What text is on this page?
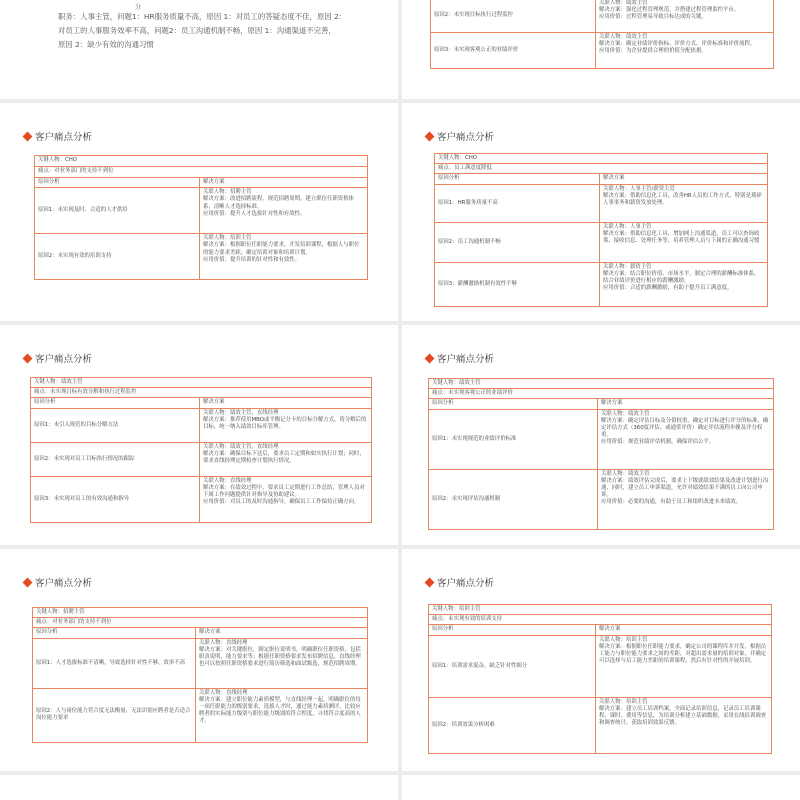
分

职务：人事主管，问题1：HR服务质量不高，原因 1：对员工的答疑态度不佳，原因 2:

对员工的人事服务效率不高，问题2：员工沟通机制不畅，原因 1：沟通渠道不完善，

原因 2：缺少有效的沟通习惯

原因2：未实现目标执行过程监控	关联人物：绩效主管
解决方案：强化过程管理规范，并搭建过程管理监控平台。
应用价值：过程管理易导致目标达成的关键。

原因3：未实现客观公正的业绩评价	关联人物：绩效主管
解决方案：确定业绩评价指标、评价方式、评价标准和评价流程。
应用价值：为企业提供合理的价值分配依据。
客户痛点分析
关键人物：CHO	
痛点：对业务部门的支持不到位	
原因分析	解决方案
原因1：未实现及时、合适的人才供给	关联人物：招聘主管
解决方案：改进招聘流程，规范招聘周期，建立职位任职资格体系，清晰人才选择标准。
应用价值：提升人才选拔针对性和有效性。

原因2：未实现有效的培训支持	关联人物：培训主管
解决方案：根据职位任职能力要求，开发培训课程，根据人与职位的能力要求差距，确定培训对象和培训计划。
应用价值：提升培训的针对性和有效性。
客户痛点分析
关键人物：CHO	
痛点：员工满意度降低	
原因分析	解决方案
原因1：HR服务质量不高	关联人物：人事主管/薪资主管
解决方案：借助信息化工具，改善HR人员的工作方式，特别是琐碎人事事务和薪资发放处理。

原因2：员工沟通机制不畅	关联人物：人事主管
解决方案：借助信息化工具，增加网上沟通渠道，员工可以查询政策、接收信息、处理任务等，培养管理人员与下属的正确沟通习惯

原因3：薪酬激励机制有效性不够	关联人物：薪资主管
解决方案：结合职位价值、市场水平，制定合理的薪酬标准体系，结合业绩评价进行相应的薪酬激励。
应用价值：合适的薪酬激励，有助于提升员工满意度。
客户痛点分析
关键人物：绩效主管	
痛点：未实现目标有效分解和执行过程监控	
原因分析	解决方案
原因1：未引入规范的目标分解方法	关联人物：绩效主管，直线经理
解决方案：推荐使用MBO或平衡记分卡的目标分解方式，将分解后的目标，统一纳入绩效目标库管理。

原因2：未实现对员工目标执行情况的跟踪	关联人物：绩效主管，直线经理
解决方案：确保目标下达后，要求员工定期和如实执行计划；同时，要求直线经理定期检查计划执行情况。

原因3：未实现对员工的有效沟通和指导	关联人物：直线经理
解决方案：在绩效过程中，要求员工定期进行工作总结，管理人员对下属工作问题提供针对指导及协助建议。
应用价值：对员工的及时沟通指导，确保员工工作保持正确方向。
客户痛点分析
关键人物：绩效主管	
痛点：未实现客观公正的业绩评价	
原因分析	解决方案
原因1：未实现规范的业绩评价标准	关联人物：绩效主管
解决方案：确定评估目标及分值权重，确定对目标进行评分的标准，确定评估方式（360度评估、或通常评价）确定评估流程步骤及评分权重。
应用价值：规范业绩评估机制，确保评估公平。

原因2：未实现评估沟通机制	关联人物：绩效主管
解决方案：绩效评估完成后，要求上下级就绩效结果及改进计划进行沟通，同时，建立员工申诉渠道，允许对绩效结果不满的员工向公司申诉。
应用价值：必要的沟通，有助于员工和组织改进未来绩效。
客户痛点分析
关键人物：招聘主管	
痛点：对业务部门的支持不到位	
原因分析	解决方案
原因1：人才选拔标准不清晰，导致选择针对性不够，效率不高	关联人物：直线经理
解决方案：对关键职位，制定职位说明书，明确职位任职资格，包括职责说明，能力要求等；根据任职资格要求发布招聘信息，直线经理也可以按照任职资格要求进行简历筛选和面试甄选，规范招聘周期。

原因2：人与岗位能力符合度无法衡量，无法识别应聘者是否适合岗位能力要求	关联人物：直线经理
解决方案：建立职位能力素质模型，与直线经理一起，明确职位的每一项任职能力的级别要求，选拔人才时，通过能力素质测评，比较应聘者的实际能力级别与职位能力级别的符合程度，寻找符合度高的人才。
客户痛点分析
关键人物：培训主管	
痛点：未实现有效的培训支持	
原因分析	解决方案
原因1：培训需求混杂，缺乏针对性细分	关联人物：培训主管
解决方案：根据职位任职能力要求，确定公司的课程库并开发。根据员工能力与职位能力要求之间的差距，对超出需求量的培训对象，并确定可以选择与员工能力差距的培训课程，然后有针对性的开展培训。

原因2：培训效果分析困难	关联人物：培训主管
解决方案：建立员工培训档案，全面记录培训信息，记录员工培训课程、课时、费用等信息，为培训分析建立基础数据，采用在线培训调查和调查统计，获取培训效果反馈。
